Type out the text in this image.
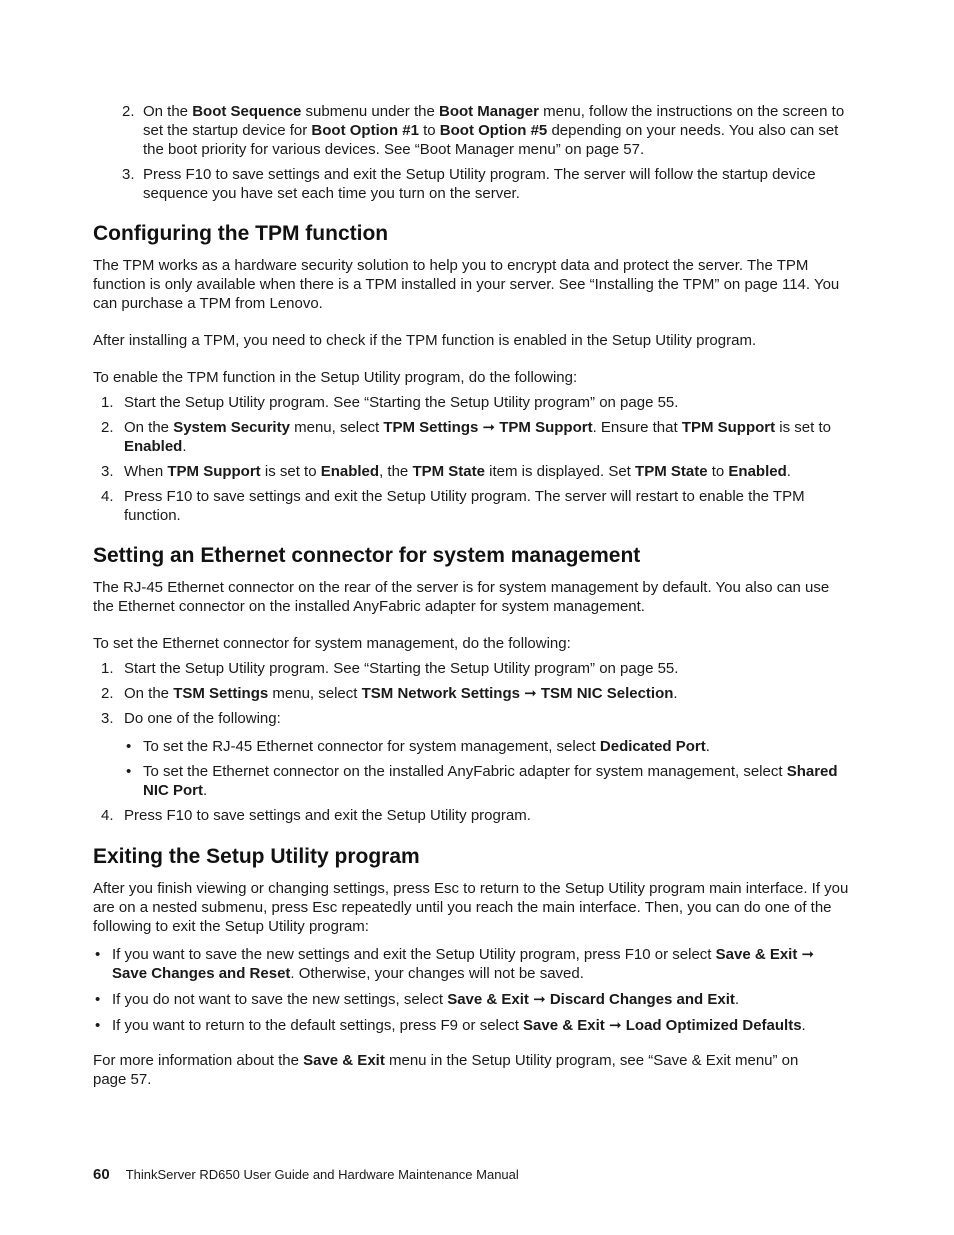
2. On the Boot Sequence submenu under the Boot Manager menu, follow the instructions on the screen to set the startup device for Boot Option #1 to Boot Option #5 depending on your needs. You also can set the boot priority for various devices. See “Boot Manager menu” on page 57.
3. Press F10 to save settings and exit the Setup Utility program. The server will follow the startup device sequence you have set each time you turn on the server.
Configuring the TPM function

The TPM works as a hardware security solution to help you to encrypt data and protect the server. The TPM function is only available when there is a TPM installed in your server. See “Installing the TPM” on page 114. You can purchase a TPM from Lenovo.

After installing a TPM, you need to check if the TPM function is enabled in the Setup Utility program.

To enable the TPM function in the Setup Utility program, do the following:

1. Start the Setup Utility program. See “Starting the Setup Utility program” on page 55.
2. On the System Security menu, select TPM Settings ➞ TPM Support. Ensure that TPM Support is set to Enabled.
3. When TPM Support is set to Enabled, the TPM State item is displayed. Set TPM State to Enabled.
4. Press F10 to save settings and exit the Setup Utility program. The server will restart to enable the TPM function.
Setting an Ethernet connector for system management

The RJ-45 Ethernet connector on the rear of the server is for system management by default. You also can use the Ethernet connector on the installed AnyFabric adapter for system management.

To set the Ethernet connector for system management, do the following:

1. Start the Setup Utility program. See “Starting the Setup Utility program” on page 55.
2. On the TSM Settings menu, select TSM Network Settings ➞ TSM NIC Selection.
3. Do one of the following:
• To set the RJ-45 Ethernet connector for system management, select Dedicated Port.
• To set the Ethernet connector on the installed AnyFabric adapter for system management, select Shared NIC Port.
4. Press F10 to save settings and exit the Setup Utility program.
Exiting the Setup Utility program

After you finish viewing or changing settings, press Esc to return to the Setup Utility program main interface. If you are on a nested submenu, press Esc repeatedly until you reach the main interface. Then, you can do one of the following to exit the Setup Utility program:

• If you want to save the new settings and exit the Setup Utility program, press F10 or select Save & Exit ➞ Save Changes and Reset. Otherwise, your changes will not be saved.
• If you do not want to save the new settings, select Save & Exit ➞ Discard Changes and Exit.
• If you want to return to the default settings, press F9 or select Save & Exit ➞ Load Optimized Defaults.

For more information about the Save & Exit menu in the Setup Utility program, see “Save & Exit menu” on page 57.

60 ThinkServer RD650 User Guide and Hardware Maintenance Manual
